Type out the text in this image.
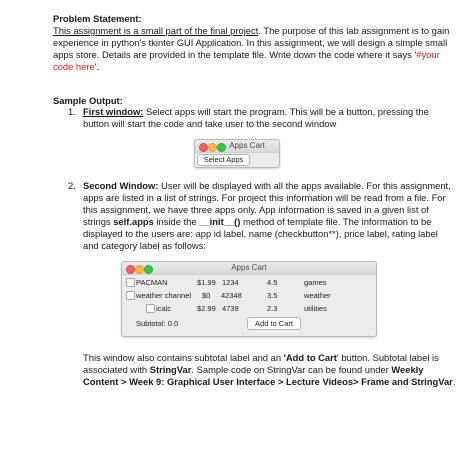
Problem Statement:
This assignment is a small part of the final project. The purpose of this lab assignment is to gain
experience in python's tkinter GUI Application. In this assignment, we will design a simple small
apps store. Details are provided in the template file. Write down the code where it says '#your
code here'.
Sample Output:
1. First window: Select apps will start the program. This will be a button, pressing the
button will start the code and take user to the second window
Apps Cart
Select Apps
2. Second Window: User will be displayed with all the apps available. For this assignment,
apps are listed in a list of strings. For project this information will be read from a file. For
this assignment, we have three apps only. App information is saved in a given list of
strings self.apps inside the __init__() method of template file. The information to be
displayed to the users are: app id label, name (checkbutton**), price label, rating label
and category label as follows:
Apps Cart
PACMAN	$1.99 1234	4.5	games
weather channel $0 42348	3.5	weather
icalc	$2.99 4739	2.3	utilities
Subtotal: 0.0	Add to Cart
This window also contains subtotal label and an 'Add to Cart' button. Subtotal label is
associated with StringVar. Sample code on StringVar can be found under Weekly
Content > Week 9: Graphical User Interface > Lecture Videos> Frame and StringVar.
